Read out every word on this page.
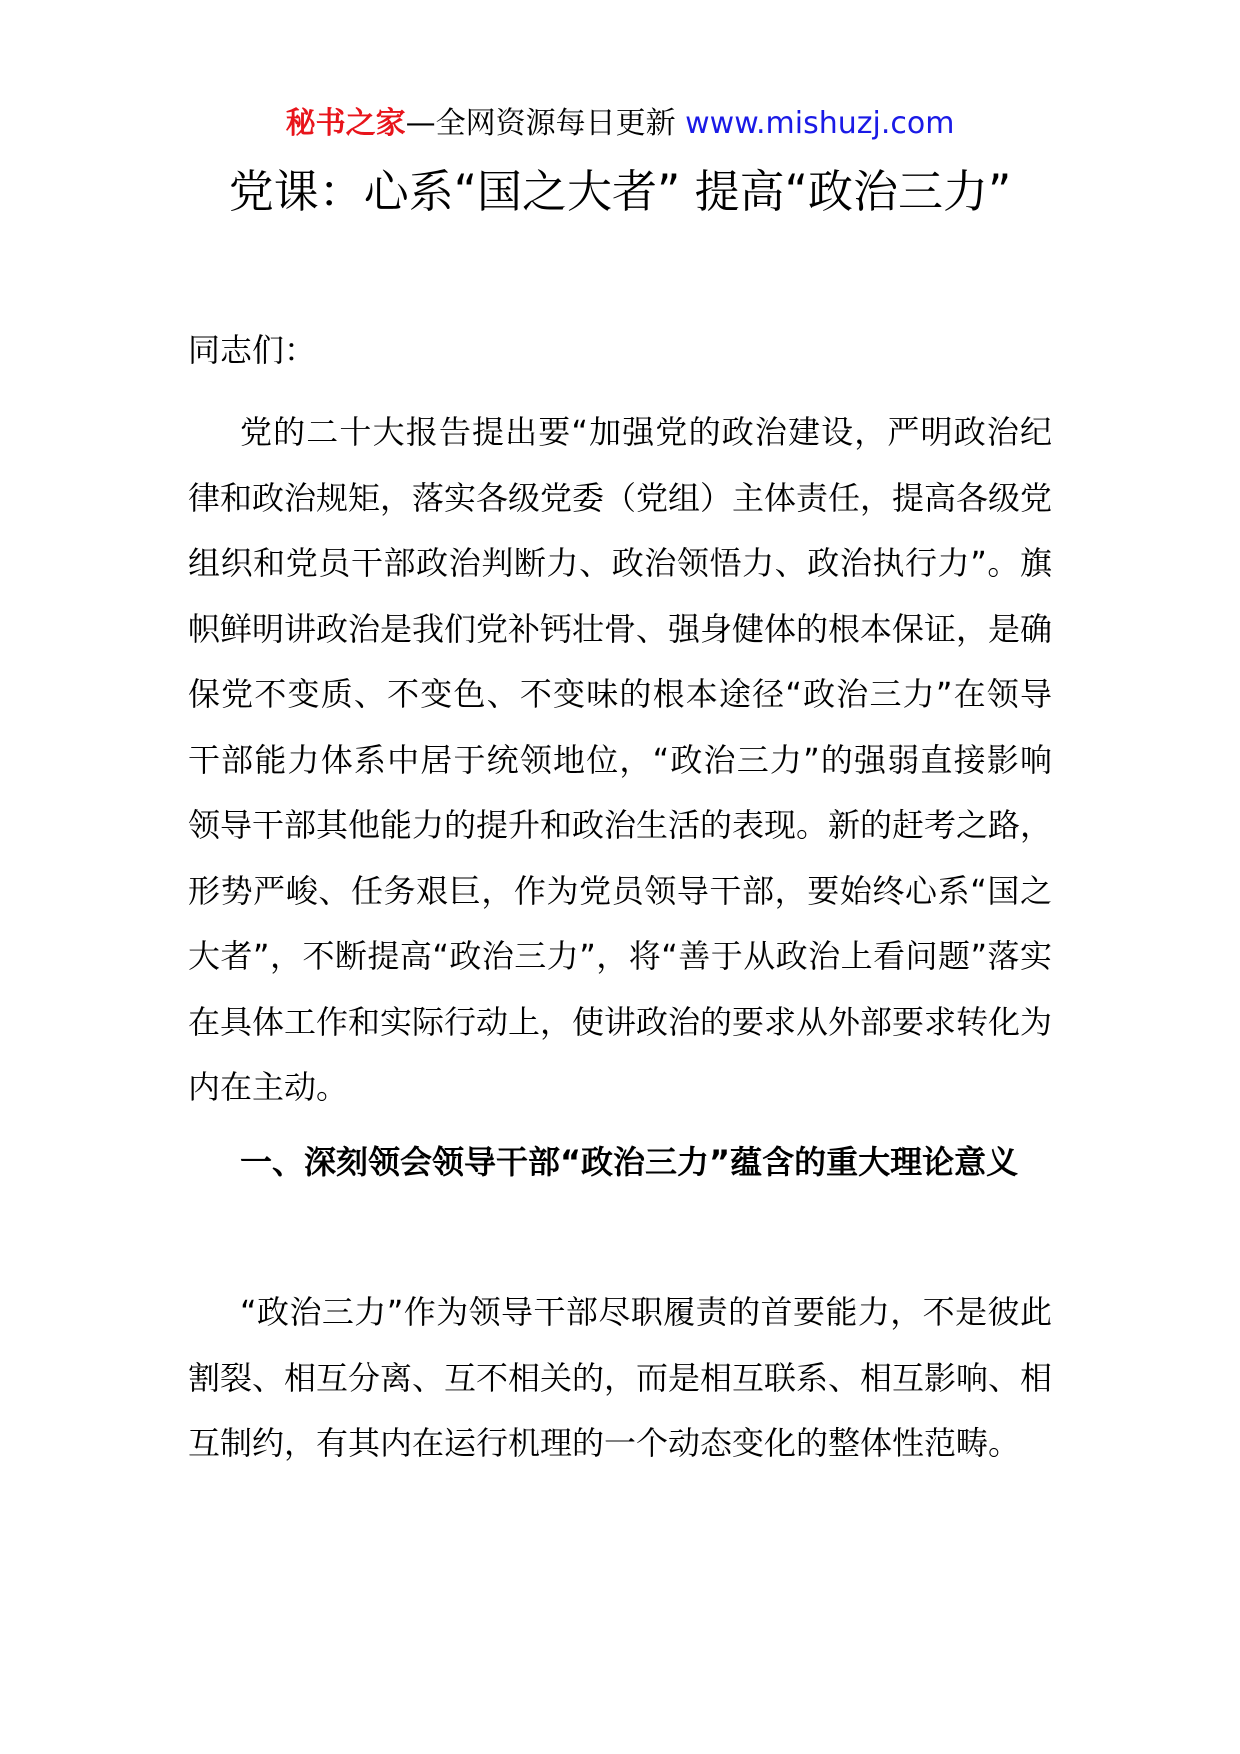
秘书之家—全网资源每日更新 www.mishuzj.com
党课：心系“国之大者” 提高“政治三力”
同志们：
党的二十大报告提出要“加强党的政治建设，严明政治纪律和政治规矩，落实各级党委（党组）主体责任，提高各级党组织和党员干部政治判断力、政治领悟力、政治执行力”。旗帜鲜明讲政治是我们党补钙壮骨、强身健体的根本保证，是确保党不变质、不变色、不变味的根本途径“政治三力”在领导干部能力体系中居于统领地位，“政治三力”的强弱直接影响领导干部其他能力的提升和政治生活的表现。新的赶考之路，形势严峻、任务艰巨，作为党员领导干部，要始终心系“国之大者”，不断提高“政治三力”，将“善于从政治上看问题”落实在具体工作和实际行动上，使讲政治的要求从外部要求转化为内在主动。
一、深刻领会领导干部“政治三力”蕴含的重大理论意义
“政治三力”作为领导干部尽职履责的首要能力，不是彼此割裂、相互分离、互不相关的，而是相互联系、相互影响、相互制约，有其内在运行机理的一个动态变化的整体性范畴。
